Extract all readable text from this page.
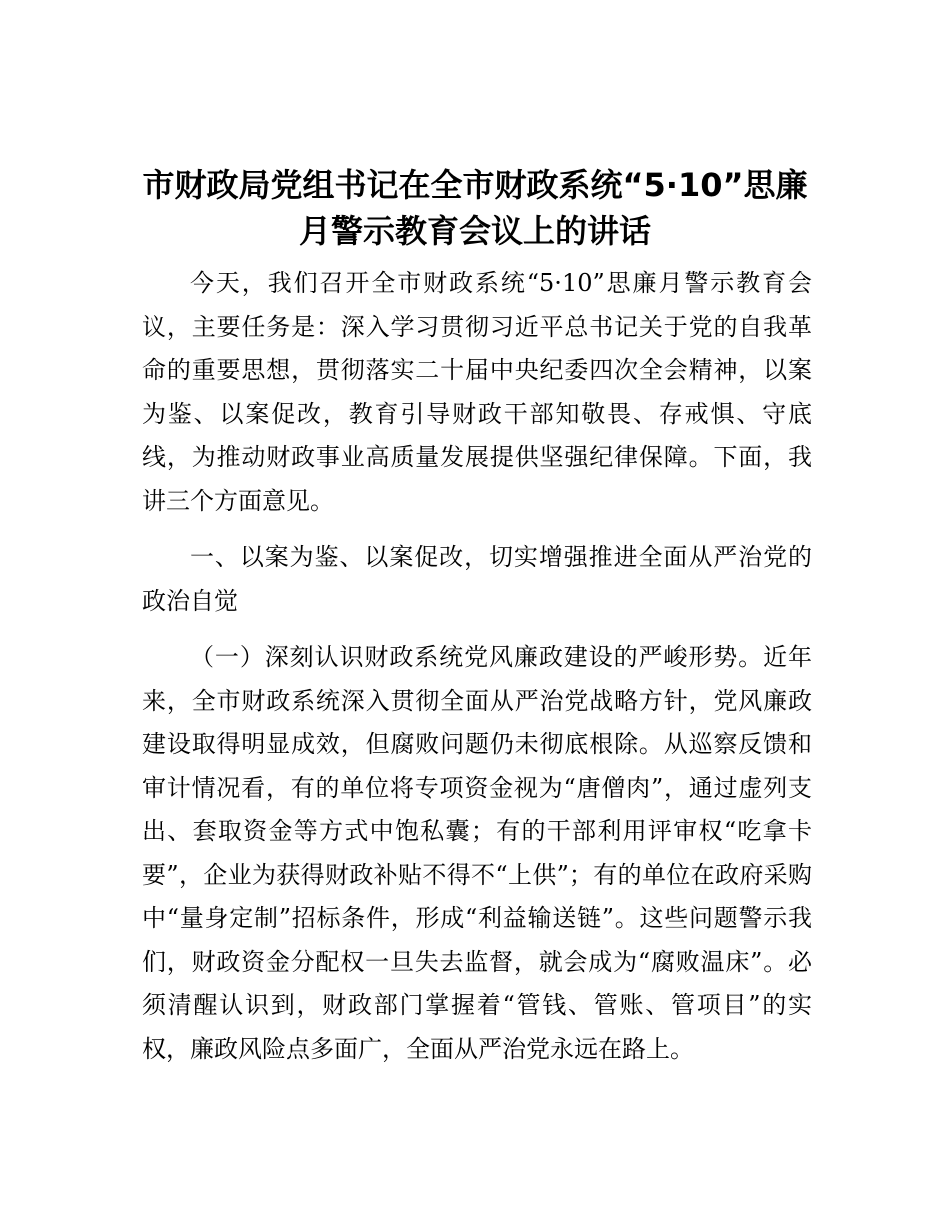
市财政局党组书记在全市财政系统“5·10”思廉月警示教育会议上的讲话

今天，我们召开全市财政系统“5·10”思廉月警示教育会议，主要任务是：深入学习贯彻习近平总书记关于党的自我革命的重要思想，贯彻落实二十届中央纪委四次全会精神，以案为鉴、以案促改，教育引导财政干部知敬畏、存戒惧、守底线，为推动财政事业高质量发展提供坚强纪律保障。下面，我讲三个方面意见。

一、以案为鉴、以案促改，切实增强推进全面从严治党的政治自觉

（一）深刻认识财政系统党风廉政建设的严峻形势。近年来，全市财政系统深入贯彻全面从严治党战略方针，党风廉政建设取得明显成效，但腐败问题仍未彻底根除。从巡察反馈和审计情况看，有的单位将专项资金视为“唐僧肉”，通过虚列支出、套取资金等方式中饱私囊；有的干部利用评审权“吃拿卡要”，企业为获得财政补贴不得不“上供”；有的单位在政府采购中“量身定制”招标条件，形成“利益输送链”。这些问题警示我们，财政资金分配权一旦失去监督，就会成为“腐败温床”。必须清醒认识到，财政部门掌握着“管钱、管账、管项目”的实权，廉政风险点多面广，全面从严治党永远在路上。
